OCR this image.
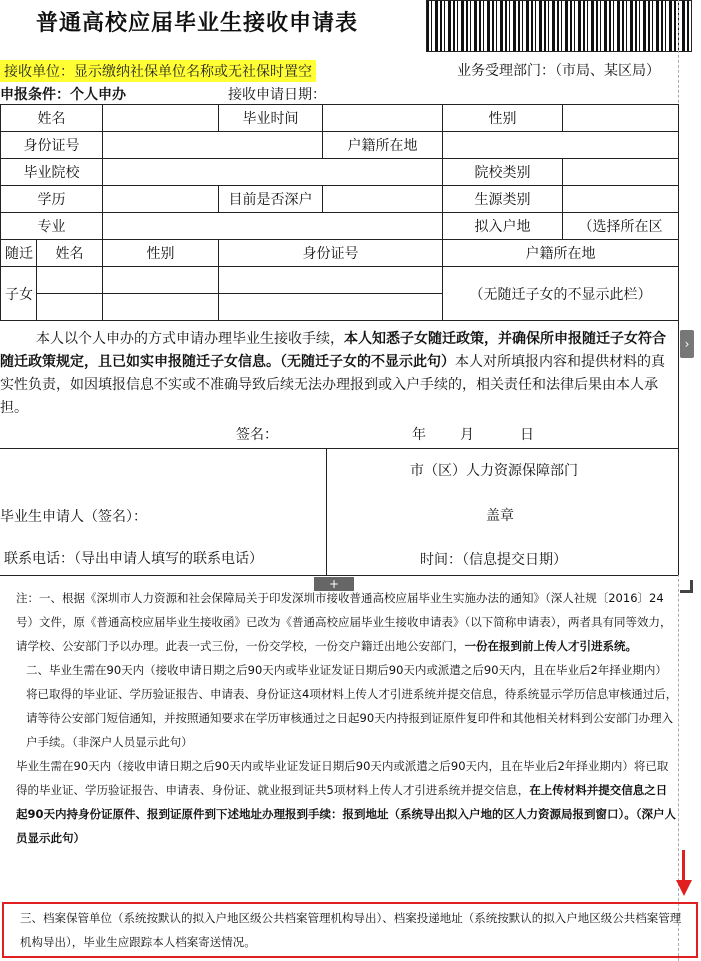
普通高校应届毕业生接收申请表
接收单位：显示缴纳社保单位名称或无社保时置空	业务受理部门：（市局、某区局）
申报条件：个人申办	接收申请日期：
姓名			毕业时间		性别	
身份证号				户籍所在地		
毕业院校					院校类别	
学历			目前是否深户		生源类别	
专业					拟入户地	（选择所在区
随迁	姓名	性别	身份证号		户籍所在地	
子女					（无随迁子女的不显示此栏）	

本人以个人申办的方式申请办理毕业生接收手续，本人知悉子女随迁政策，并确保所申报随迁子女符合随迁政策规定，且已如实申报随迁子女信息。（无随迁子女的不显示此句）本人对所填报内容和提供材料的真实性负责，如因填报信息不实或不准确导致后续无法办理报到或入户手续的，相关责任和法律后果由本人承担。
签名：	年 月	日
毕业生申请人（签名）：
联系电话：（导出申请人填写的联系电话）
市（区）人力资源保障部门
盖章
时间：（信息提交日期）
›
+

注：一、根据《深圳市人力资源和社会保障局关于印发深圳市接收普通高校应届毕业生实施办法的通知》（深人社规〔2016〕24号）文件，原《普通高校应届毕业生接收函》已改为《普通高校应届毕业生接收申请表》（以下简称申请表），两者具有同等效力，请学校、公安部门予以办理。此表一式三份，一份交学校，一份交户籍迁出地公安部门，一份在报到前上传人才引进系统。

二、毕业生需在90天内（接收申请日期之后90天内或毕业证发证日期后90天内或派遣之后90天内，且在毕业后2年择业期内）将已取得的毕业证、学历验证报告、申请表、身份证这4项材料上传人才引进系统并提交信息，待系统显示学历信息审核通过后，请等待公安部门短信通知，并按照通知要求在学历审核通过之日起90天内持报到证原件复印件和其他相关材料到公安部门办理入户手续。（非深户人员显示此句）

毕业生需在90天内（接收申请日期之后90天内或毕业证发证日期后90天内或派遣之后90天内，且在毕业后2年择业期内）将已取得的毕业证、学历验证报告、申请表、身份证、就业报到证共5项材料上传人才引进系统并提交信息，在上传材料并提交信息之日起90天内持身份证原件、报到证原件到下述地址办理报到手续：报到地址（系统导出拟入户地的区人力资源局报到窗口）。（深户人员显示此句）

三、档案保管单位（系统按默认的拟入户地区级公共档案管理机构导出）、档案投递地址（系统按默认的拟入户地区级公共档案管理机构导出），毕业生应跟踪本人档案寄送情况。
